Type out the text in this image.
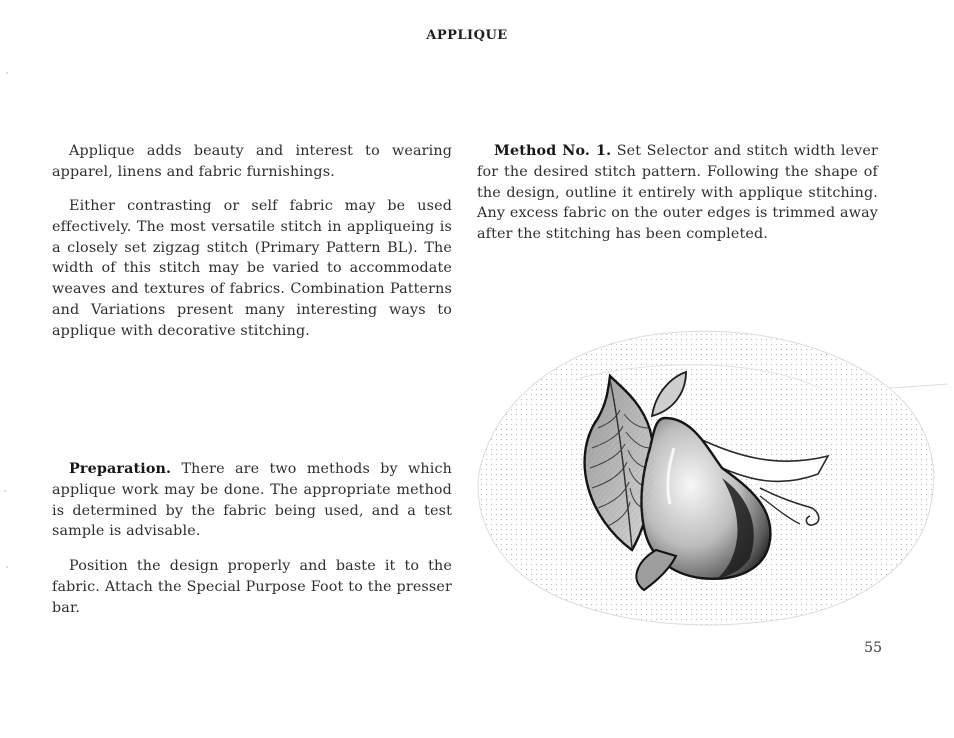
APPLIQUE

Applique adds beauty and interest to wearing apparel, linens and fabric furnishings.

Either contrasting or self fabric may be used effectively. The most versatile stitch in appliqueing is a closely set zigzag stitch (Primary Pattern BL). The width of this stitch may be varied to accommodate weaves and textures of fabrics. Combination Patterns and Variations present many interesting ways to applique with decorative stitching.

Preparation. There are two methods by which applique work may be done. The appropriate method is determined by the fabric being used, and a test sample is advisable.

Position the design properly and baste it to the fabric. Attach the Special Purpose Foot to the presser bar.

Method No. 1. Set Selector and stitch width lever for the desired stitch pattern. Following the shape of the design, outline it entirely with applique stitching. Any excess fabric on the outer edges is trimmed away after the stitching has been completed.

55
